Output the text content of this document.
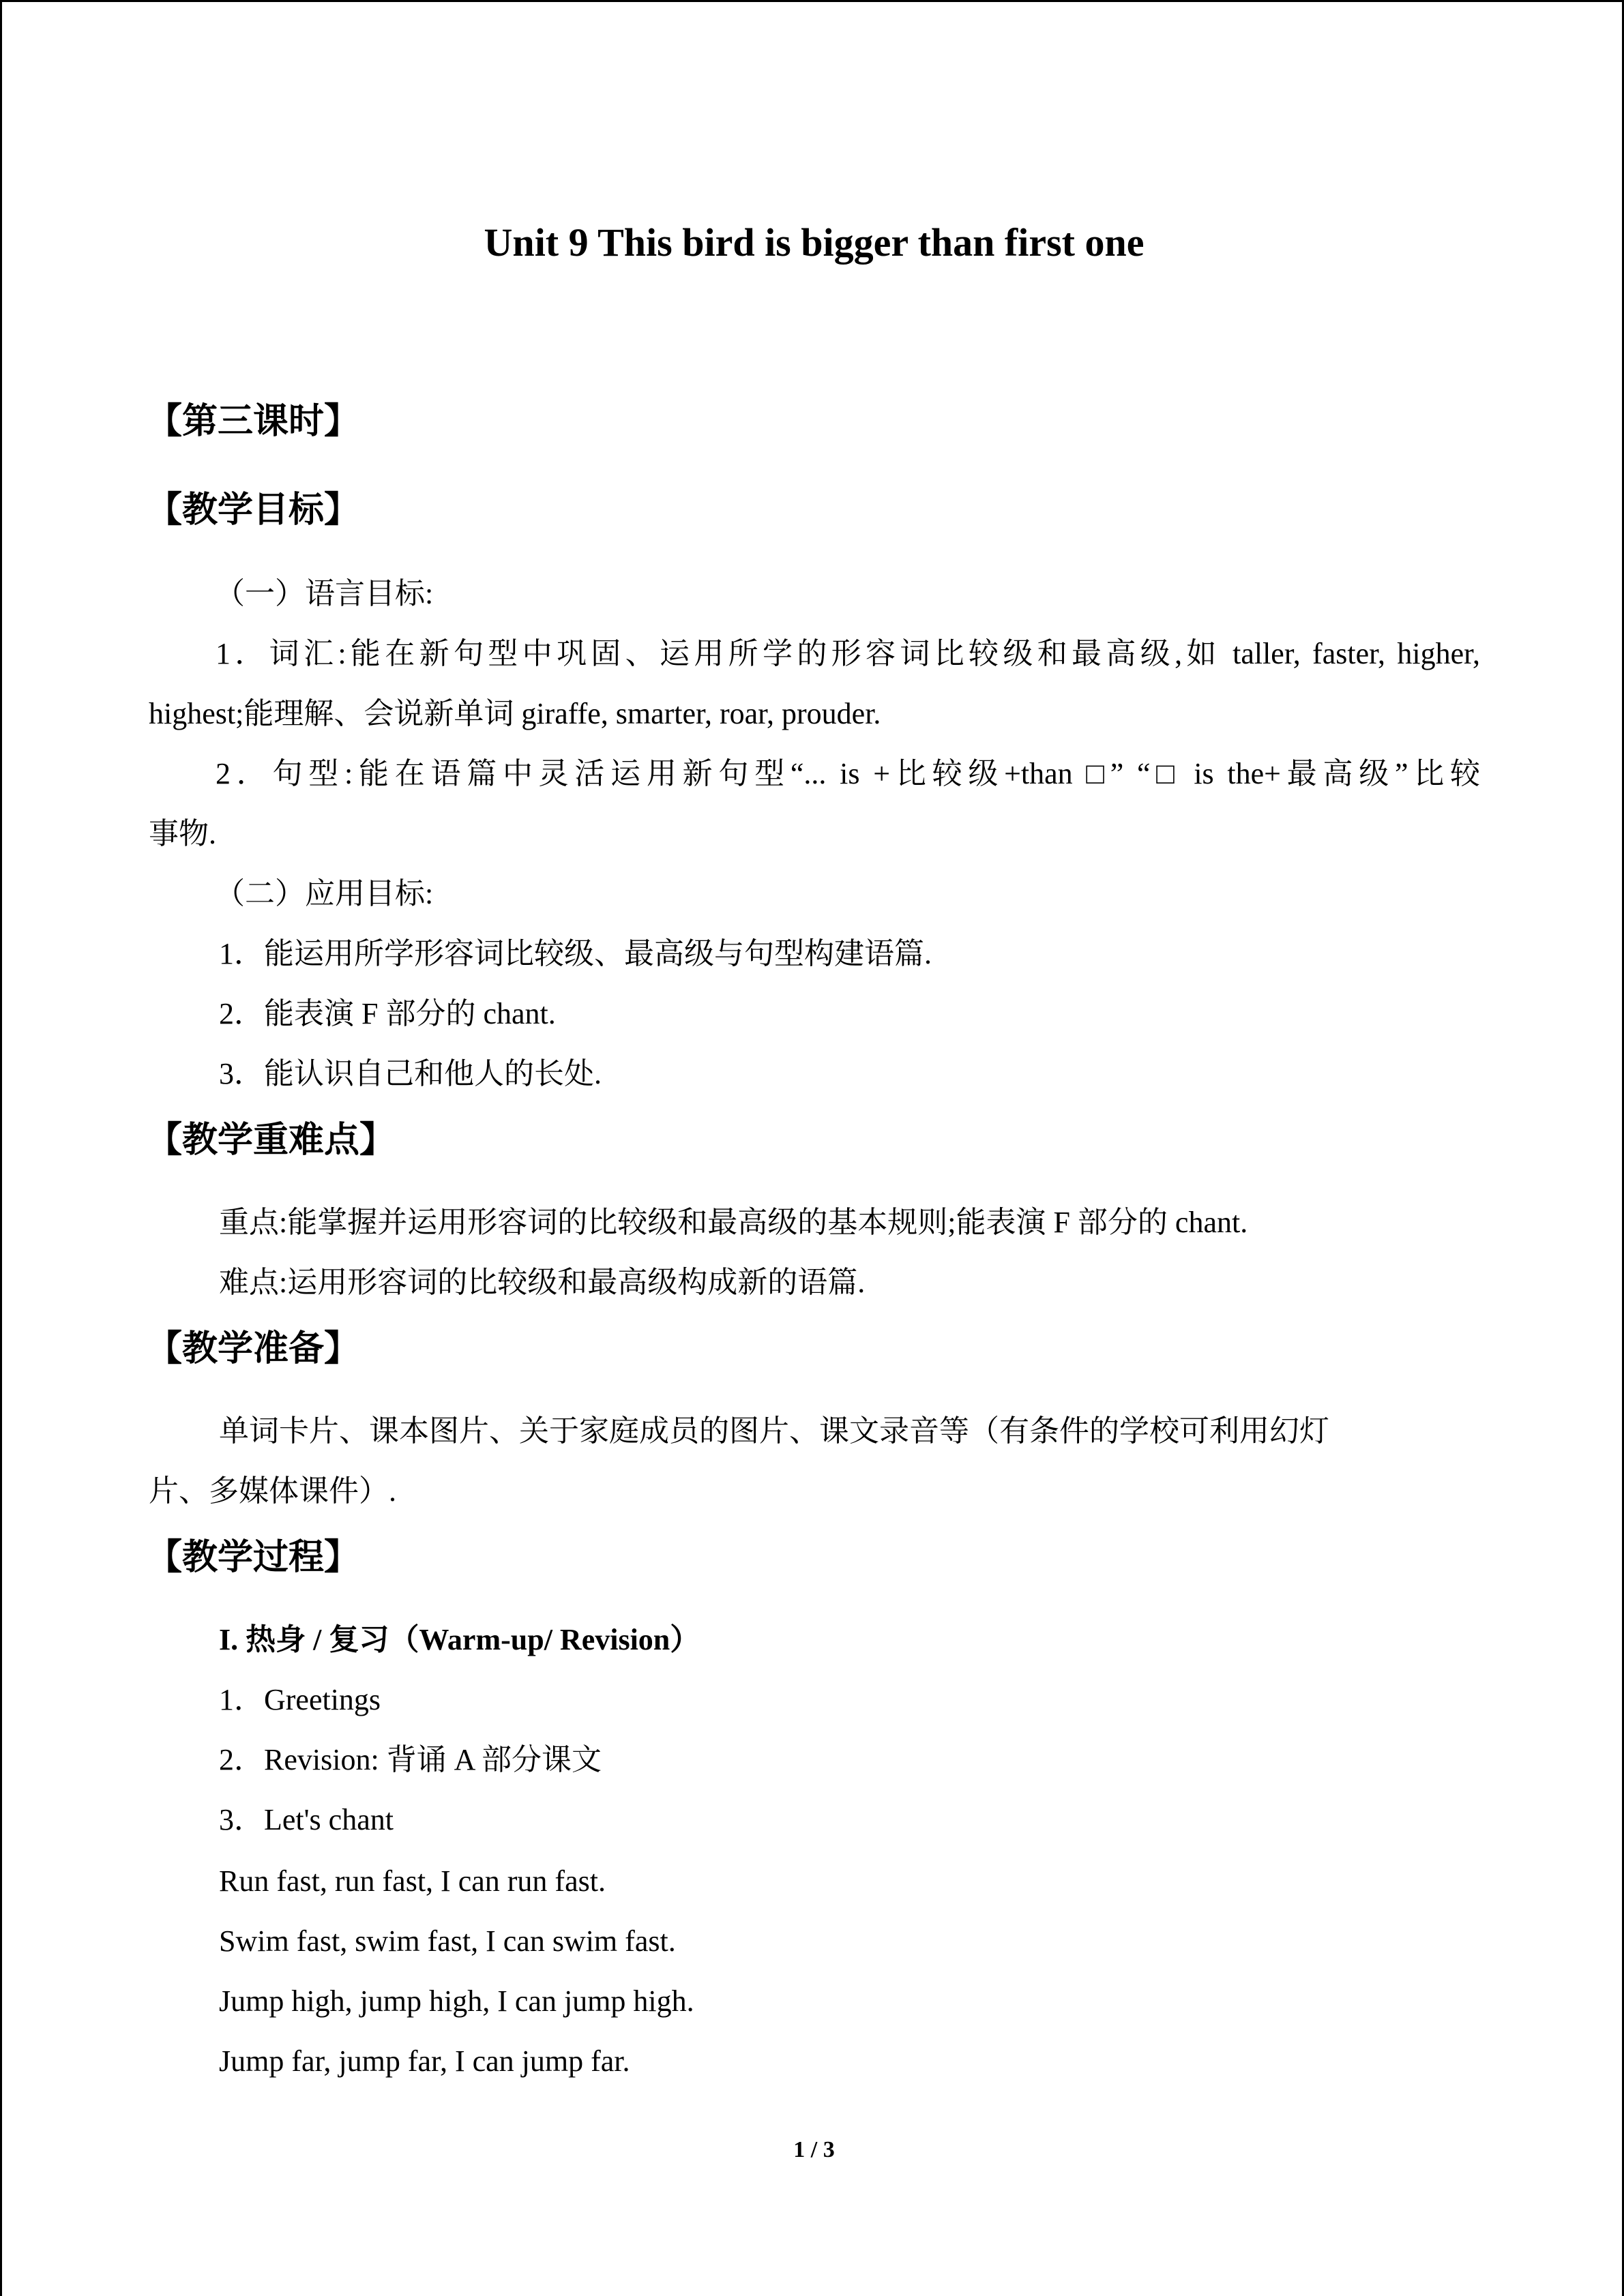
Unit 9 This bird is bigger than first one
【第三课时】
【教学目标】
（一）语言目标:
1．词汇:能在新句型中巩固、运用所学的形容词比较级和最高级,如 taller, faster, higher,
highest;能理解、会说新单词 giraffe, smarter, roar, prouder.
2．句型:能在语篇中灵活运用新句型“... is +比较级+than □” “□ is the+最高级”比较
事物.
（二）应用目标:
1．能运用所学形容词比较级、最高级与句型构建语篇.
2．能表演 F 部分的 chant.
3．能认识自己和他人的长处.
【教学重难点】
重点:能掌握并运用形容词的比较级和最高级的基本规则;能表演 F 部分的 chant.
难点:运用形容词的比较级和最高级构成新的语篇.
【教学准备】
单词卡片、课本图片、关于家庭成员的图片、课文录音等（有条件的学校可利用幻灯
片、多媒体课件）.
【教学过程】
I. 热身 / 复习（Warm-up/ Revision）
1．Greetings
2．Revision: 背诵 A 部分课文
3．Let's chant
Run fast, run fast, I can run fast.
Swim fast, swim fast, I can swim fast.
Jump high, jump high, I can jump high.
Jump far, jump far, I can jump far.
1 / 3
